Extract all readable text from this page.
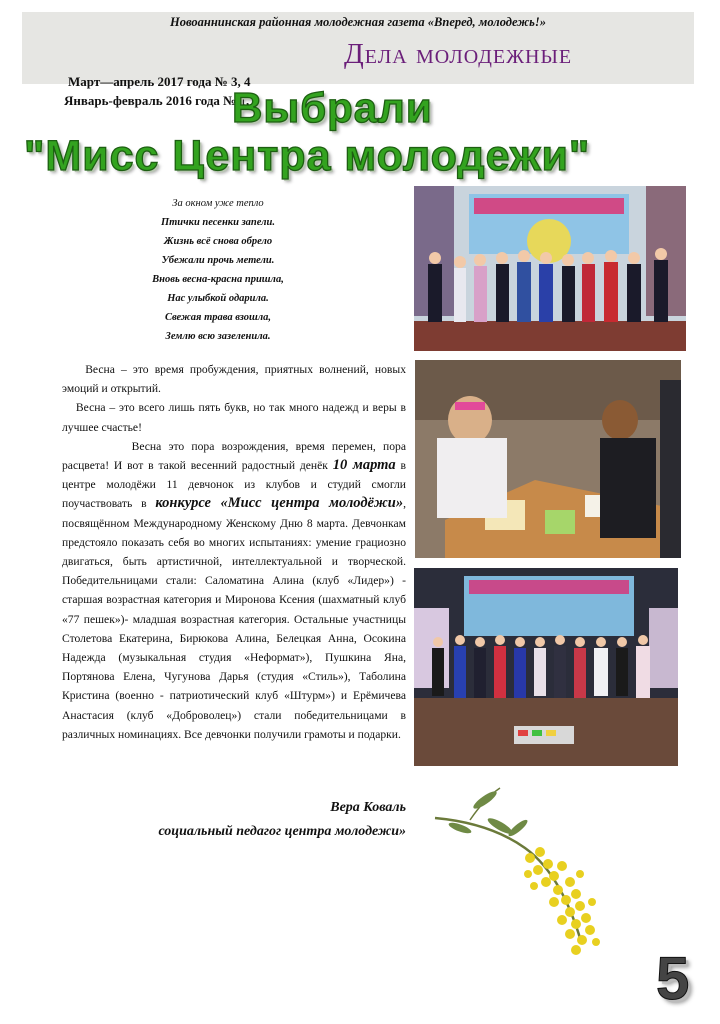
Новоаннинская районная молодежная газета «Вперед, молодежь!»
Дела молодежные
Март—апрель 2017 года № 3, 4
Январь-февраль 2016 года № 1, 2
Выбрали
"Мисс Центра молодежи"
За окном уже тепло
Птички песенки запели.
Жизнь всё снова обрело
Убежали прочь метели.
Вновь весна-красна пришла,
Нас улыбкой одарила.
Свежая трава взошла,
Землю всю зазеленила.

Весна – это время пробуждения, приятных волнений, новых эмоций и открытий.

Весна – это всего лишь пять букв, но так много надежд и веры в лучшее счастье!

Весна это пора возрождения, время перемен, пора расцвета! И вот в такой весенний радостный денёк 10 марта в центре молодёжи 11 девчонок из клубов и студий смогли поучаствовать в конкурсе «Мисс центра молодёжи», посвящённом Международному Женскому Дню 8 марта. Девчонкам предстояло показать себя во многих испытаниях: умение грациозно двигаться, быть артистичной, интеллектуальной и творческой. Победительницами стали: Саломатина Алина (клуб «Лидер») - старшая возрастная категория и Миронова Ксения (шахматный клуб «77 пешек»)- младшая возрастная категория. Остальные участницы Столетова Екатерина, Бирюкова Алина, Белецкая Анна, Осокина Надежда (музыкальная студия «Неформат»), Пушкина Яна, Портянова Елена, Чугунова Дарья (студия «Стиль»), Таболина Кристина (военно - патриотический клуб «Штурм») и Ерёмичева Анастасия (клуб «Доброволец») стали победительницами в различных номинациях. Все девчонки получили грамоты и подарки.

Вера Коваль
социальный педагог центра молодежи»
5
